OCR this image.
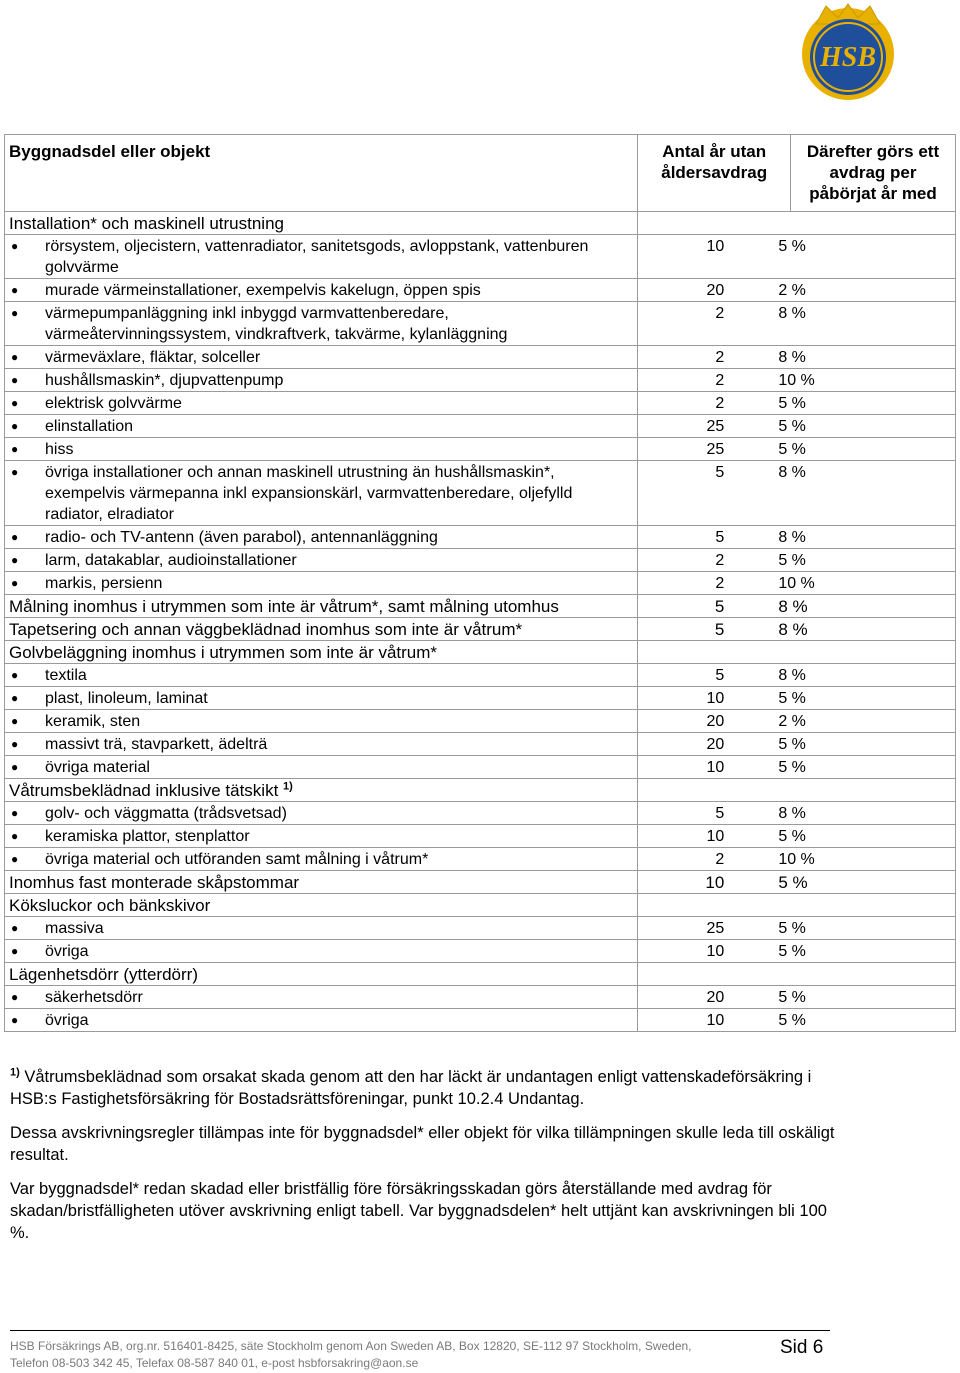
HSB
Byggnadsdel eller objekt	Antal år utan åldersavdrag	Därefter görs ett avdrag per påbörjat år med
Installation* och maskinell utrustning		

● rörsystem, oljecistern, vattenradiator, sanitetsgods, avloppstank, vattenburen golvvärme	10 5 %	

● murade värmeinstallationer, exempelvis kakelugn, öppen spis	20 2 %	

● värmepumpanläggning inkl inbyggd varmvattenberedare, värmeåtervinningssystem, vindkraftverk, takvärme, kylanläggning	2 8 %	

● värmeväxlare, fläktar, solceller	2 8 %	

● hushållsmaskin*, djupvattenpump	2 10 %	

● elektrisk golvvärme	2 5 %	

● elinstallation	25 5 %	

● hiss	25 5 %	

● övriga installationer och annan maskinell utrustning än hushållsmaskin*, exempelvis värmepanna inkl expansionskärl, varmvattenberedare, oljefylld radiator, elradiator	5 8 %	

● radio- och TV-antenn (även parabol), antennanläggning	5 8 %	

● larm, datakablar, audioinstallationer	2 5 %	

● markis, persienn	2 10 %	

Målning inomhus i utrymmen som inte är våtrum*, samt målning utomhus	5 8 %	

Tapetsering och annan väggbeklädnad inomhus som inte är våtrum*	5 8 %	

Golvbeläggning inomhus i utrymmen som inte är våtrum*		

● textila	5 8 %	

● plast, linoleum, laminat	10 5 %	

● keramik, sten	20 2 %	

● massivt trä, stavparkett, ädelträ	20 5 %	

● övriga material	10 5 %	

Våtrumsbeklädnad inklusive tätskikt $^{1)}$	

● golv- och väggmatta (trådsvetsad)	5 8 %	

● keramiska plattor, stenplattor	10 5 %	

● övriga material och utföranden samt målning i våtrum*	2 10 %	

Inomhus fast monterade skåpstommar	10 5 %	

Köksluckor och bänkskivor		

● massiva	25 5 %	

● övriga	10 5 %	

Lägenhetsdörr (ytterdörr)		

● säkerhetsdörr	20 5 %	

● övriga	10 5 %	

$^{1)}$ Våtrumsbeklädnad som orsakat skada genom att den har läckt är undantagen enligt vattenskadeförsäkring i HSB:s Fastighetsförsäkring för Bostadsrättsföreningar, punkt 10.2.4 Undantag.

Dessa avskrivningsregler tillämpas inte för byggnadsdel* eller objekt för vilka tillämpningen skulle leda till oskäligt resultat.

Var byggnadsdel* redan skadad eller bristfällig före försäkringsskadan görs återställande med avdrag för skadan/bristfälligheten utöver avskrivning enligt tabell. Var byggnadsdelen* helt uttjänt kan avskrivningen bli 100 %.

HSB Försäkrings AB, org.nr. 516401-8425, säte Stockholm genom Aon Sweden AB, Box 12820, SE-112 97 Stockholm, Sweden,
Telefon 08-503 342 45, Telefax 08-587 840 01, e-post hsbforsakring@aon.se
Sid 6
